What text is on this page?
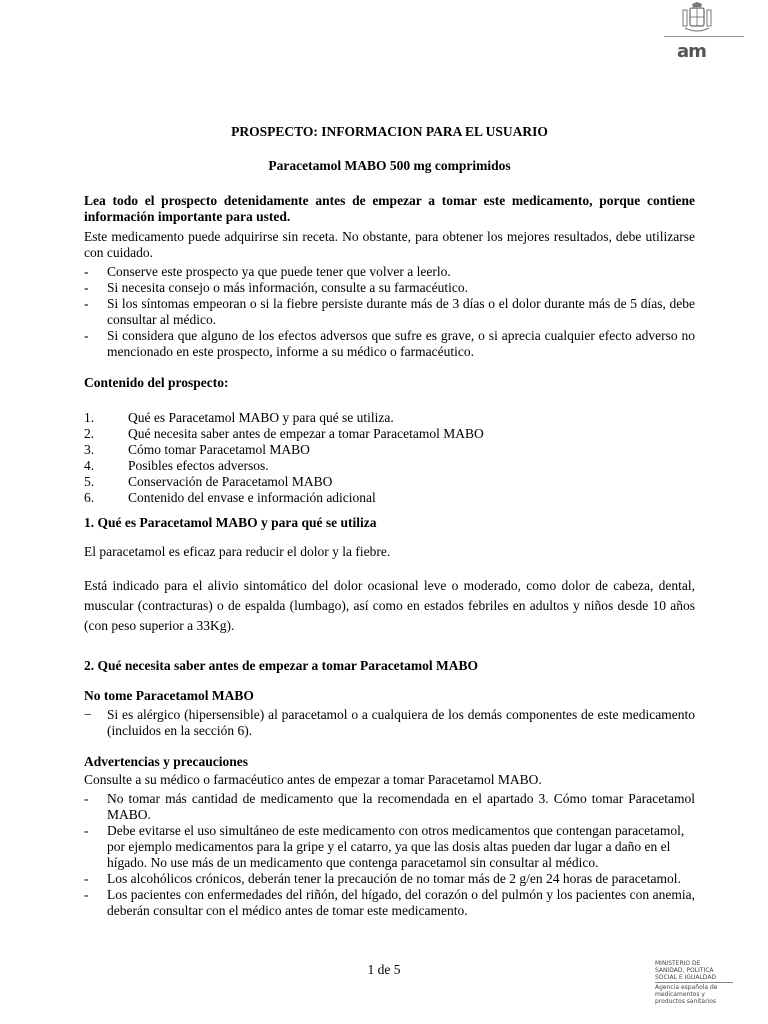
am
PROSPECTO: INFORMACION PARA EL USUARIO
Paracetamol MABO 500 mg comprimidos
Lea todo el prospecto detenidamente antes de empezar a tomar este medicamento, porque contiene información importante para usted.
Este medicamento puede adquirirse sin receta. No obstante, para obtener los mejores resultados, debe utilizarse con cuidado.
- Conserve este prospecto ya que puede tener que volver a leerlo.
- Si necesita consejo o más información, consulte a su farmacéutico.
- Si los síntomas empeoran o si la fiebre persiste durante más de 3 días o el dolor durante más de 5 días, debe consultar al médico.
- Si considera que alguno de los efectos adversos que sufre es grave, o si aprecia cualquier efecto adverso no mencionado en este prospecto, informe a su médico o farmacéutico.
Contenido del prospecto:
1.	Qué es Paracetamol MABO y para qué se utiliza.
2.	Qué necesita saber antes de empezar a tomar Paracetamol MABO
3.	Cómo tomar Paracetamol MABO
4.	Posibles efectos adversos.
5.	Conservación de Paracetamol MABO
6.	Contenido del envase e información adicional
1. Qué es Paracetamol MABO y para qué se utiliza
El paracetamol es eficaz para reducir el dolor y la fiebre.
Está indicado para el alivio sintomático del dolor ocasional leve o moderado, como dolor de cabeza, dental, muscular (contracturas) o de espalda (lumbago), así como en estados febriles en adultos y niños desde 10 años (con peso superior a 33Kg).
2. Qué necesita saber antes de empezar a tomar Paracetamol MABO
No tome Paracetamol MABO
− Si es alérgico (hipersensible) al paracetamol o a cualquiera de los demás componentes de este medicamento (incluidos en la sección 6).
Advertencias y precauciones
Consulte a su médico o farmacéutico antes de empezar a tomar Paracetamol MABO.
- No tomar más cantidad de medicamento que la recomendada en el apartado 3. Cómo tomar Paracetamol MABO.
- Debe evitarse el uso simultáneo de este medicamento con otros medicamentos que contengan paracetamol, por ejemplo medicamentos para la gripe y el catarro, ya que las dosis altas pueden dar lugar a daño en el hígado. No use más de un medicamento que contenga paracetamol sin consultar al médico.
- Los alcohólicos crónicos, deberán tener la precaución de no tomar más de 2 g/en 24 horas de paracetamol.
- Los pacientes con enfermedades del riñón, del hígado, del corazón o del pulmón y los pacientes con anemia, deberán consultar con el médico antes de tomar este medicamento.
1 de 5	MINISTERIO DE
SANIDAD, POLITICA
SOCIAL E IGUALDAD
Agencia española de
medicamentos y
productos sanitarios
